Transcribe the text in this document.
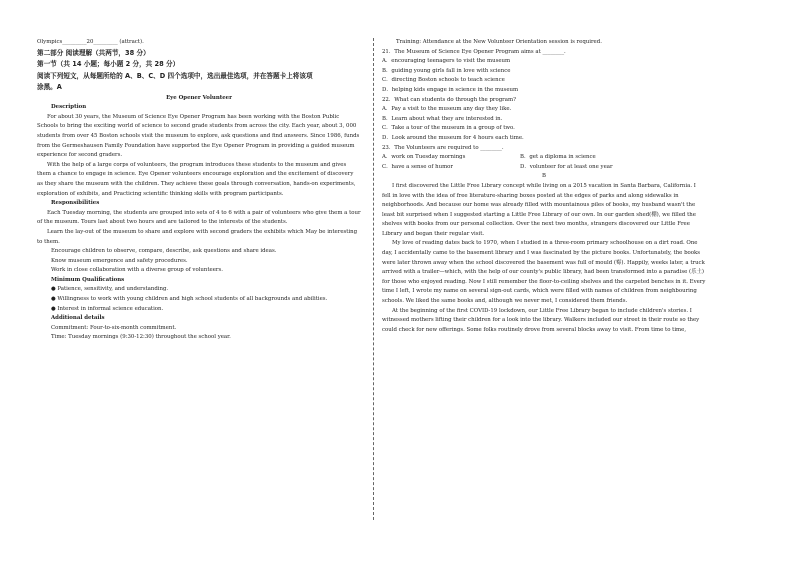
Olympics_________20_________ (attract).
第二部分 阅读理解（共两节，38 分）
第一节（共 14 小题；每小题 2 分，共 28 分）
阅读下列短文，从每题所给的 A、B、C、D 四个选项中，选出最佳选项，并在答题卡上将该项
涂黑。A
Eye Opener Volunteer
Description

For about 30 years, the Museum of Science Eye Opener Program has been working with the Boston Public Schools to bring the exciting world of science to second grade students from across the city. Each year, about 3, 000 students from over 45 Boston schools visit the museum to explore, ask questions and find answers. Since 1986, funds from the Germeshausen Family Foundation have supported the Eye Opener Program in providing a guided museum experience for second graders.

With the help of a large corps of volunteers, the program introduces these students to the museum and gives them a chance to engage in science. Eye Opener volunteers encourage exploration and the excitement of discovery as they share the museum with the children. They achieve these goals through conversation, hands-on experiments, exploration of exhibits, and Practicing scientific thinking skills with program participants.

Responsibilities

Each Tuesday morning, the students are grouped into sets of 4 to 6 with a pair of volunteers who give them a tour of the museum. Tours last about two hours and are tailored to the interests of the students.

Learn the lay-out of the museum to share and explore with second graders the exhibits which May be interesting to them.

Encourage children to observe, compare, describe, ask questions and share ideas.
Know museum emergence and safety procedures.
Work in close collaboration with a diverse group of volunteers.
Minimum Qualifications
● Patience, sensitivity, and understanding.
● Willingness to work with young children and high school students of all backgrounds and abilities.
● Interest in informal science education.
Additional details
Commitment: Four-to-six-month commitment.
Time: Tuesday mornings (9:30-12:30) throughout the school year.
Training: Attendance at the New Volunteer Orientation session is required.
21．The Museum of Science Eye Opener Program aims at ________.
A．encouraging teenagers to visit the museum
B．guiding young girls fall in love with science
C．directing Boston schools to teach science
D．helping kids engage in science in the museum
22．What can students do through the program?
A．Pay a visit to the museum any day they like.
B．Learn about what they are interested in.
C．Take a tour of the museum in a group of two.
D．Look around the museum for 4 hours each time.
23．The Volunteers are required to ________.
A．work on Tuesday mornings	B．get a diploma in science
C．have a sense of humor	D．volunteer for at least one year
B

I first discovered the Little Free Library concept while living on a 2015 vacation in Santa Barbara, California. I fell in love with the idea of free literature-sharing boxes posted at the edges of parks and along sidewalks in neighborhoods. And because our home was already filled with mountainous piles of books, my husband wasn't the least bit surprised when I suggested starting a Little Free Library of our own. In our garden shed(棚), we filled the shelves with books from our personal collection. Over the next two months, strangers discovered our Little Free Library and began their regular visit.

My love of reading dates back to 1970, when I studied in a three-room primary schoolhouse on a dirt road. One day, I accidentally came to the basement library and I was fascinated by the picture books. Unfortunately, the books were later thrown away when the school discovered the basement was full of mould (霉). Happily, weeks later, a truck arrived with a trailer—which, with the help of our county's public library, had been transformed into a paradise (乐土) for those who enjoyed reading. Now I still remember the floor-to-ceiling shelves and the carpeted benches in it. Every time I left, I wrote my name on several sign-out cards, which were filled with names of children from neighbouring schools. We liked the same books and, although we never met, I considered them friends.

At the beginning of the first COVID-19 lockdown, our Little Free Library began to include children's stories. I witnessed mothers lifting their children for a look into the library. Walkers included our street in their route so they could check for new offerings. Some folks routinely drove from several blocks away to visit. From time to time,
